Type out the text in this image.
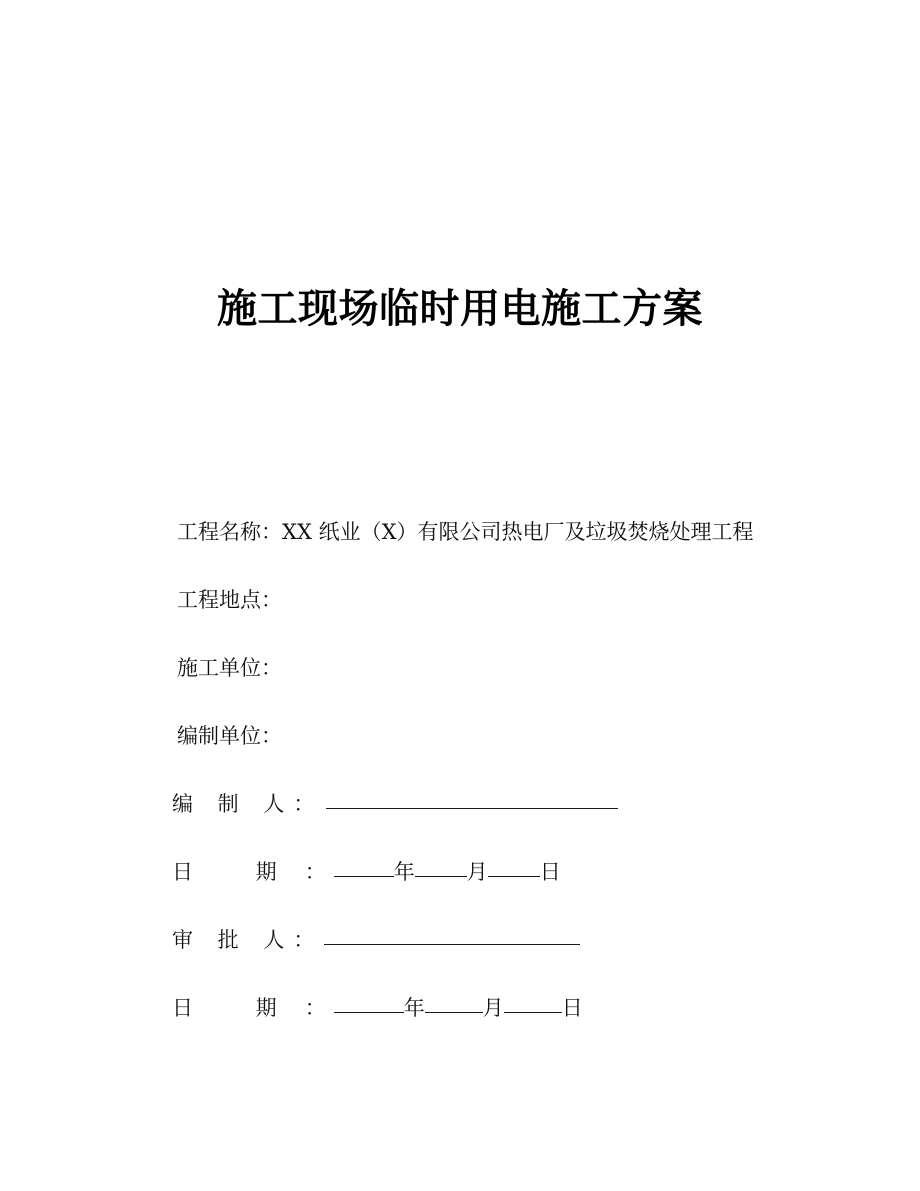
施工现场临时用电施工方案
工程名称：XX 纸业（X）有限公司热电厂及垃圾焚烧处理工程
工程地点：
施工单位：
编制单位：
编 制 人：
日 期：	年 月 日
审 批 人：
日 期：	年	月	日
